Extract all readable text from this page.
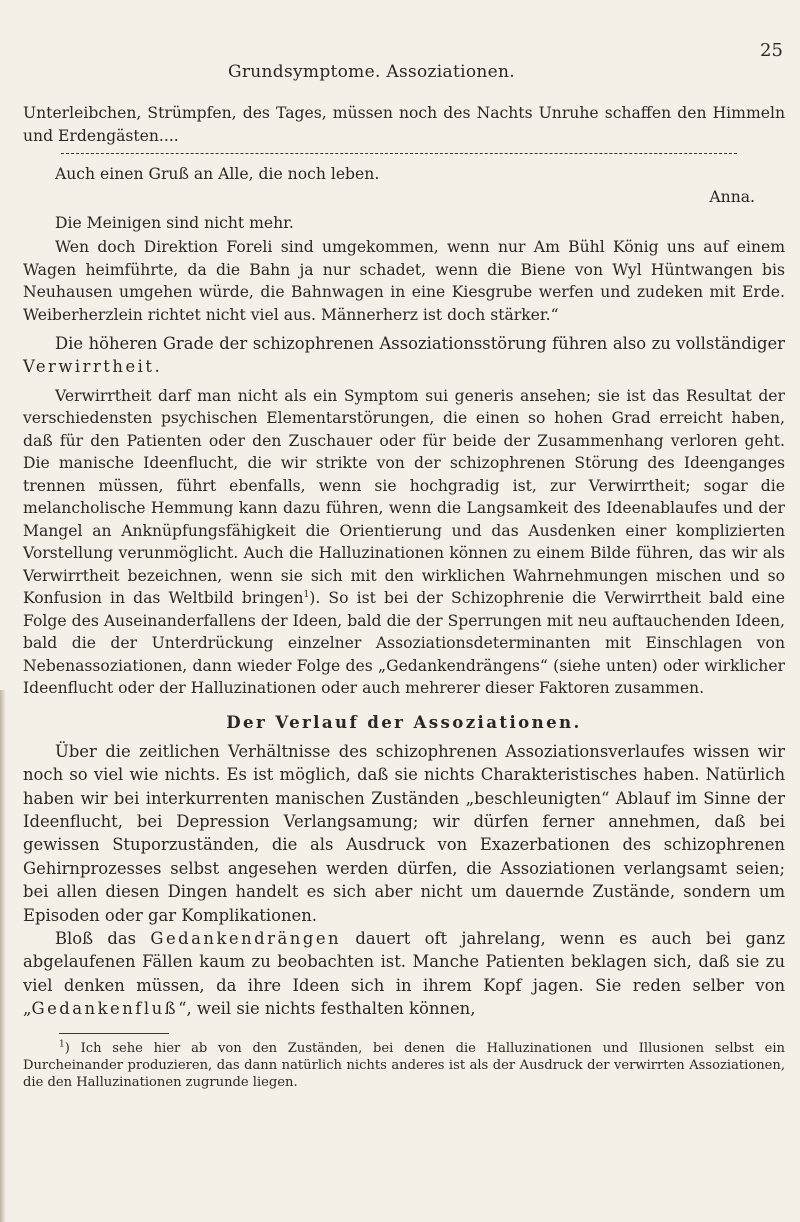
Grundsymptome. Assoziationen.
25

Unterleibchen, Strümpfen, des Tages, müssen noch des Nachts Unruhe schaffen den Himmeln und Erdengästen....

Auch einen Gruß an Alle, die noch leben.

Anna.

Die Meinigen sind nicht mehr.

Wen doch Direktion Foreli sind umgekommen, wenn nur Am Bühl König uns auf einem Wagen heimführte, da die Bahn ja nur schadet, wenn die Biene von Wyl Hüntwangen bis Neuhausen umgehen würde, die Bahnwagen in eine Kiesgrube werfen und zudeken mit Erde. Weiberherzlein richtet nicht viel aus. Männerherz ist doch stärker.“

Die höheren Grade der schizophrenen Assoziationsstörung führen also zu vollständiger Verwirrtheit.

Verwirrtheit darf man nicht als ein Symptom sui generis ansehen; sie ist das Resultat der verschiedensten psychischen Elementarstörungen, die einen so hohen Grad erreicht haben, daß für den Patienten oder den Zuschauer oder für beide der Zusammenhang verloren geht. Die manische Ideenflucht, die wir strikte von der schizophrenen Störung des Ideenganges trennen müssen, führt ebenfalls, wenn sie hochgradig ist, zur Verwirrtheit; sogar die melancholische Hemmung kann dazu führen, wenn die Langsamkeit des Ideenablaufes und der Mangel an Anknüpfungsfähigkeit die Orientierung und das Ausdenken einer komplizierten Vorstellung verunmöglicht. Auch die Halluzinationen können zu einem Bilde führen, das wir als Verwirrtheit bezeichnen, wenn sie sich mit den wirklichen Wahrnehmungen mischen und so Konfusion in das Weltbild bringen$^1$). So ist bei der Schizophrenie die Verwirrtheit bald eine Folge des Auseinanderfallens der Ideen, bald die der Sperrungen mit neu auftauchenden Ideen, bald die der Unterdrückung einzelner Assoziationsdeterminanten mit Einschlagen von Nebenassoziationen, dann wieder Folge des „Gedankendrängens“ (siehe unten) oder wirklicher Ideenflucht oder der Halluzinationen oder auch mehrerer dieser Faktoren zusammen.

Der Verlauf der Assoziationen.

Über die zeitlichen Verhältnisse des schizophrenen Assoziationsverlaufes wissen wir noch so viel wie nichts. Es ist möglich, daß sie nichts Charakteristisches haben. Natürlich haben wir bei interkurrenten manischen Zuständen „beschleunigten“ Ablauf im Sinne der Ideenflucht, bei Depression Verlangsamung; wir dürfen ferner annehmen, daß bei gewissen Stuporzuständen, die als Ausdruck von Exazerbationen des schizophrenen Gehirnprozesses selbst angesehen werden dürfen, die Assoziationen verlangsamt seien; bei allen diesen Dingen handelt es sich aber nicht um dauernde Zustände, sondern um Episoden oder gar Komplikationen.

Bloß das Gedankendrängen dauert oft jahrelang, wenn es auch bei ganz abgelaufenen Fällen kaum zu beobachten ist. Manche Patienten beklagen sich, daß sie zu viel denken müssen, da ihre Ideen sich in ihrem Kopf jagen. Sie reden selber von „Gedankenfluß“, weil sie nichts festhalten können,

$^1$) Ich sehe hier ab von den Zuständen, bei denen die Halluzinationen und Illusionen selbst ein Durcheinander produzieren, das dann natürlich nichts anderes ist als der Ausdruck der verwirrten Assoziationen, die den Halluzinationen zugrunde liegen.
